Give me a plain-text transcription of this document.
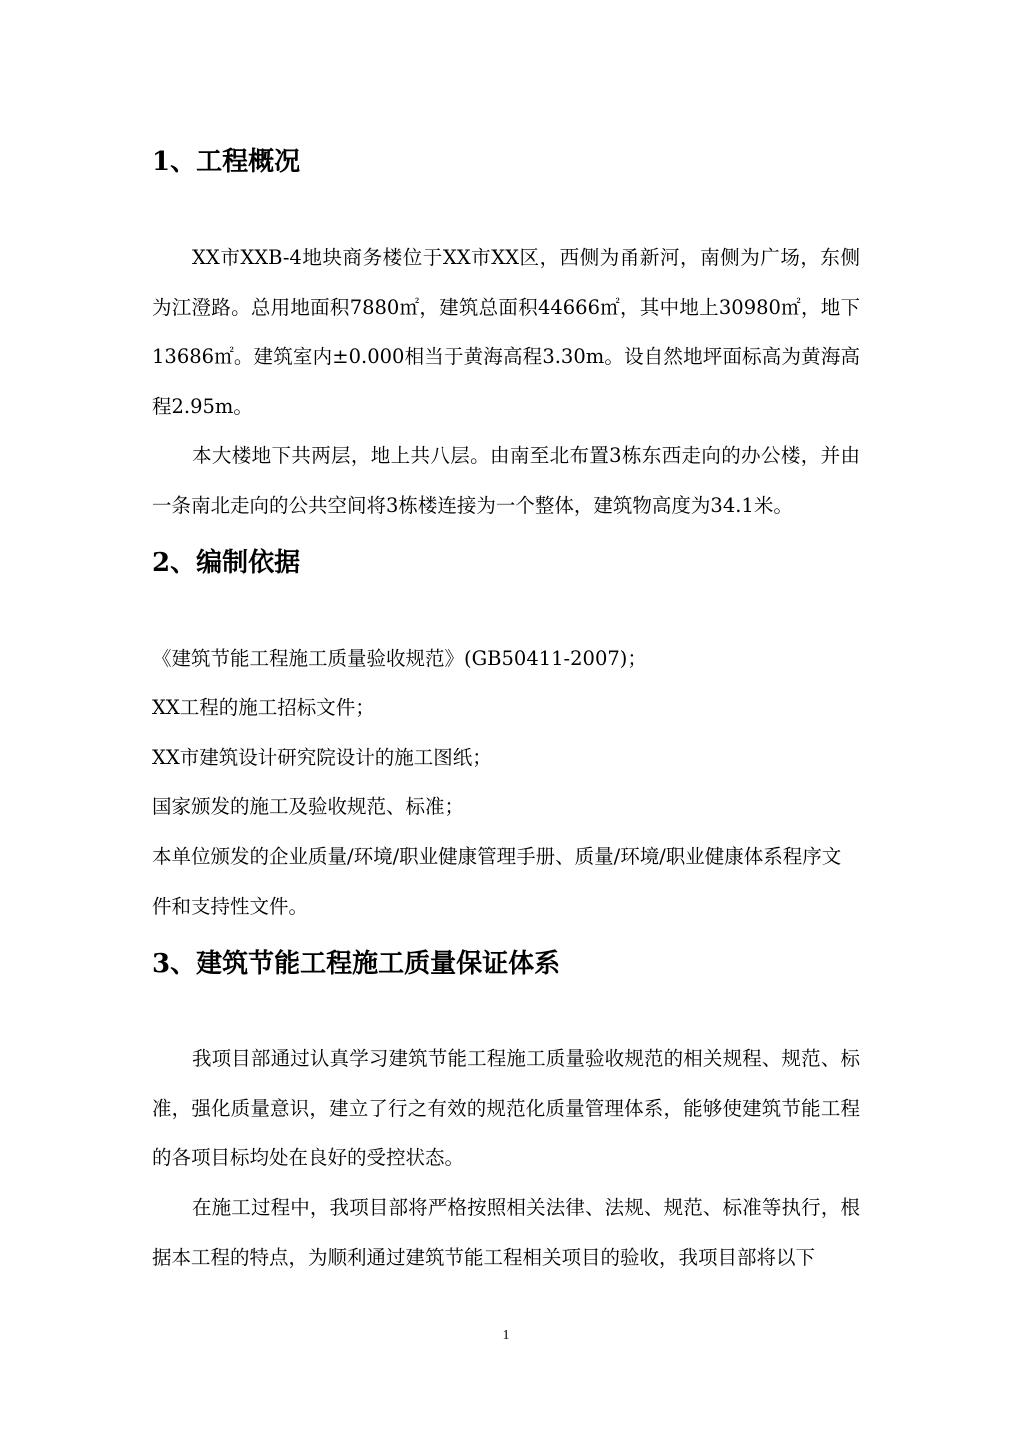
1、工程概况

XX市XXB-4地块商务楼位于XX市XX区，西侧为甬新河，南侧为广场，东侧为江澄路。总用地面积7880㎡，建筑总面积44666㎡，其中地上30980㎡，地下13686㎡。建筑室内±0.000相当于黄海高程3.30m。设自然地坪面标高为黄海高程2.95m。

本大楼地下共两层，地上共八层。由南至北布置3栋东西走向的办公楼，并由一条南北走向的公共空间将3栋楼连接为一个整体，建筑物高度为34.1米。

2、编制依据

《建筑节能工程施工质量验收规范》(GB50411-2007)；

XX工程的施工招标文件；

XX市建筑设计研究院设计的施工图纸；

国家颁发的施工及验收规范、标准；

本单位颁发的企业质量/环境/职业健康管理手册、质量/环境/职业健康体系程序文件和支持性文件。

3、建筑节能工程施工质量保证体系

我项目部通过认真学习建筑节能工程施工质量验收规范的相关规程、规范、标准，强化质量意识，建立了行之有效的规范化质量管理体系，能够使建筑节能工程的各项目标均处在良好的受控状态。

在施工过程中，我项目部将严格按照相关法律、法规、规范、标准等执行，根据本工程的特点，为顺利通过建筑节能工程相关项目的验收，我项目部将以下

1
